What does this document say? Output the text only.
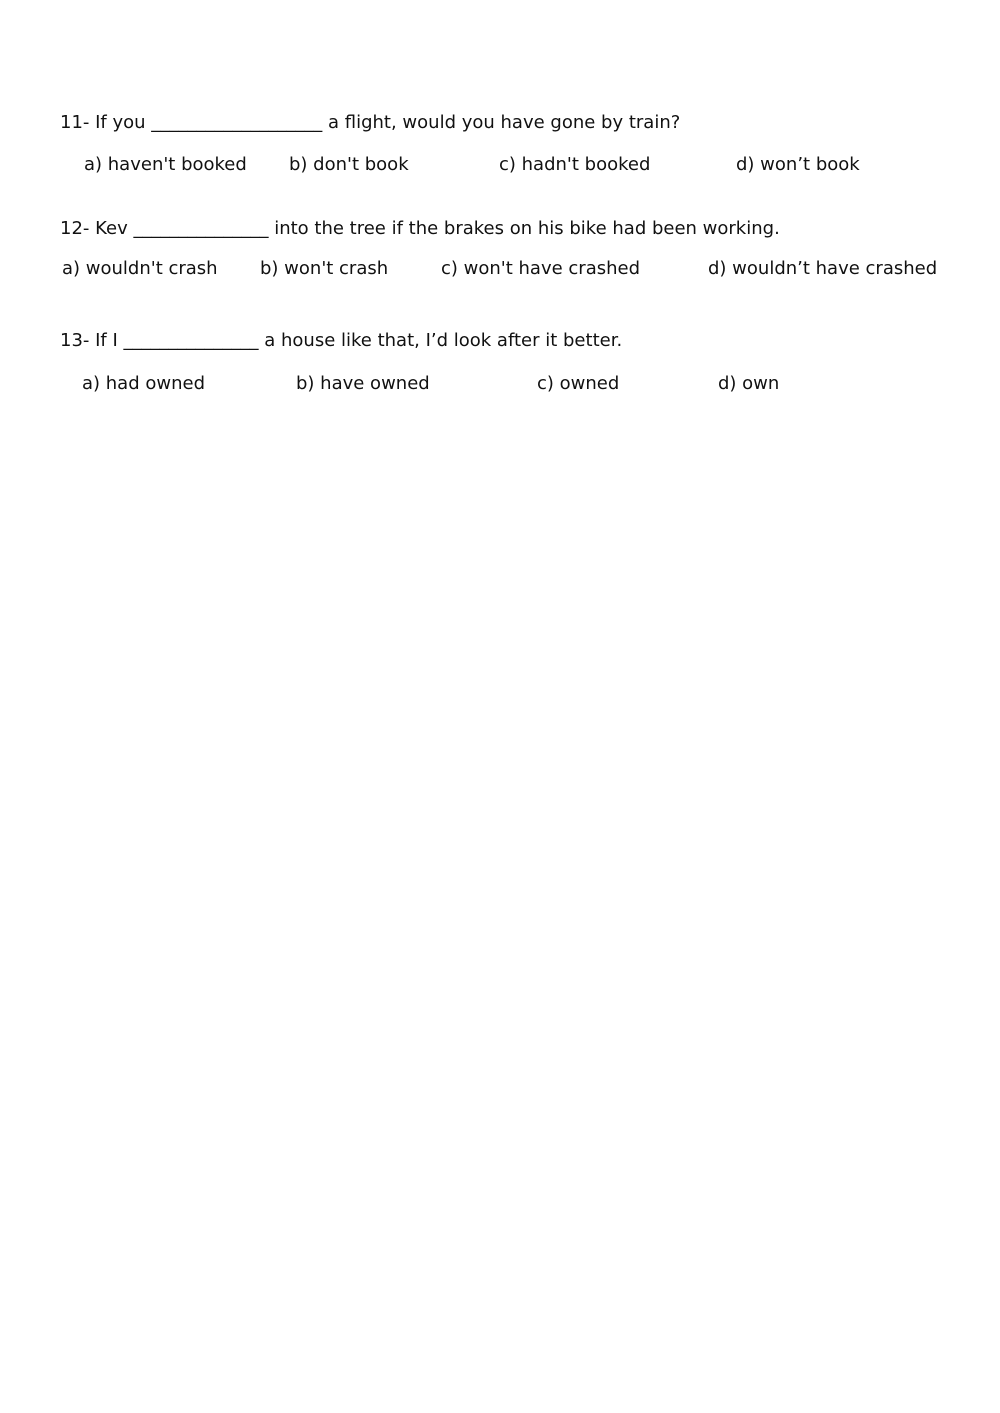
11- If you ___________________ a flight, would you have gone by train?
a) haven't booked b) don't book	c) hadn't booked	d) won’t book
12- Kev _______________ into the tree if the brakes on his bike had been working.
a) wouldn't crash b) won't crash	c) won't have crashed	d) wouldn’t have crashed
13- If I _______________ a house like that, I’d look after it better.
a) had owned	b) have owned	c) owned	d) own
